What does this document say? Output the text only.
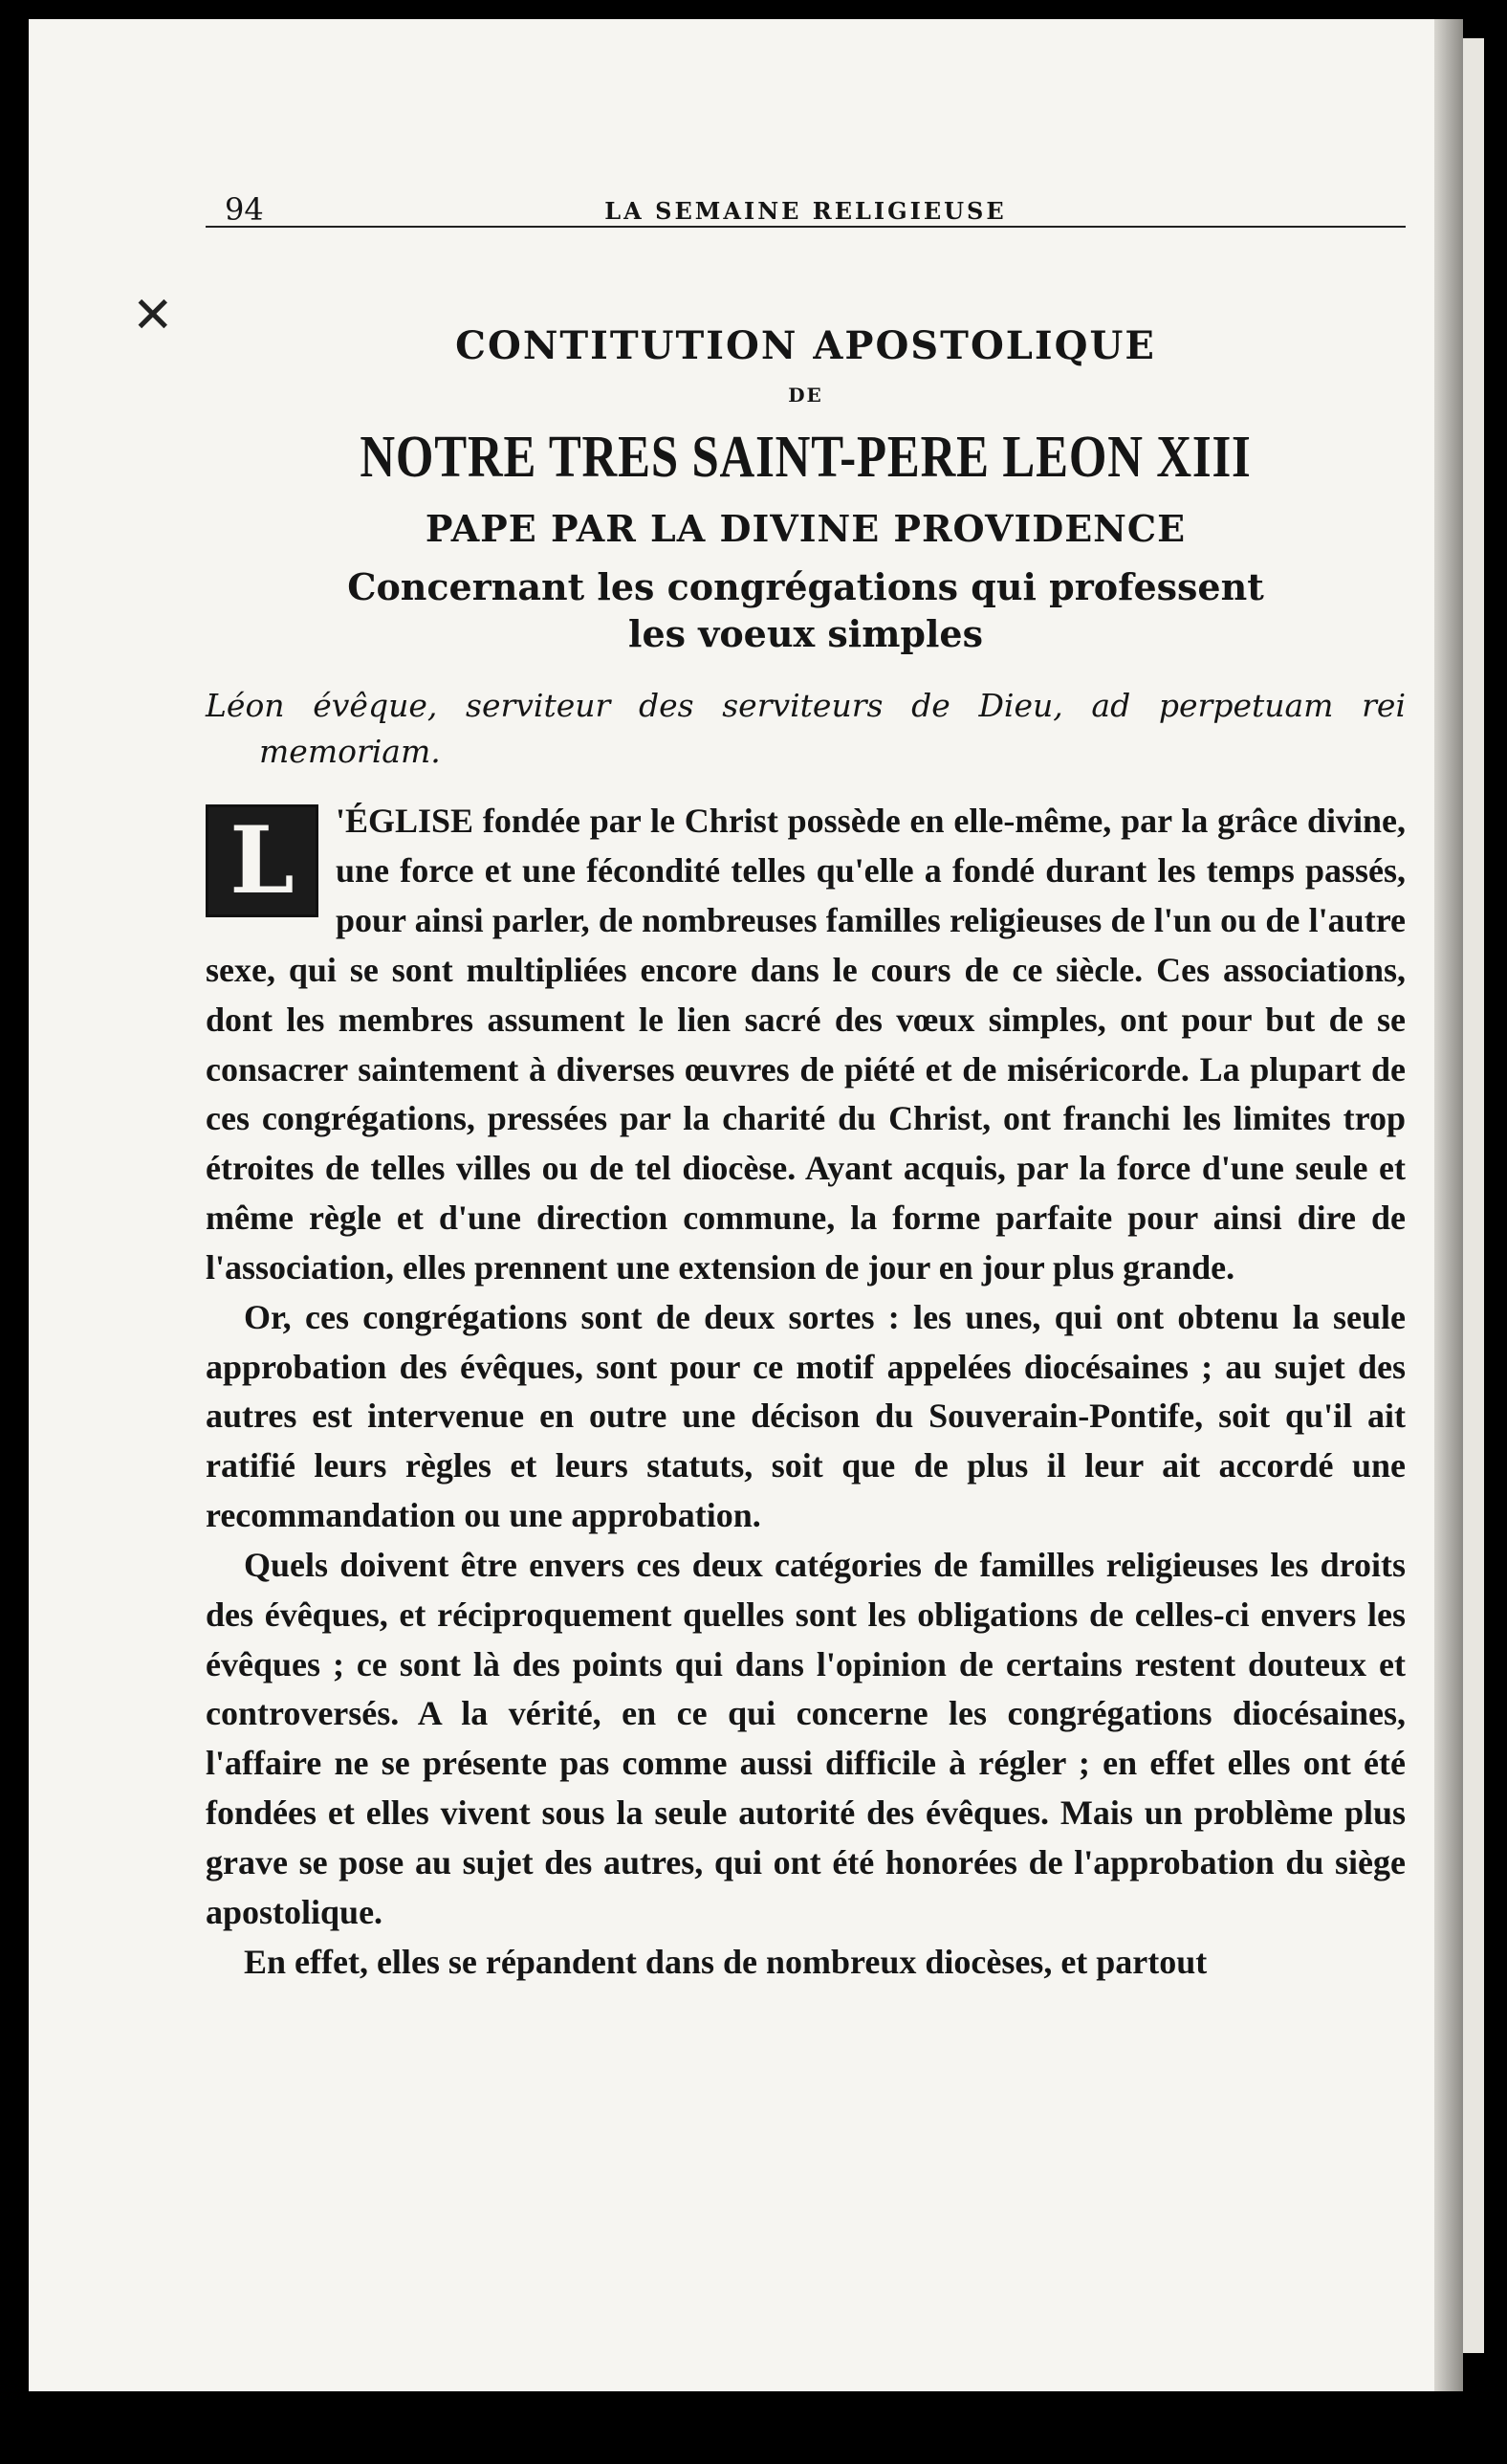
✕
94	LA SEMAINE RELIGIEUSE

CONTITUTION APOSTOLIQUE

DE

NOTRE TRES SAINT-PERE LEON XIII

PAPE PAR LA DIVINE PROVIDENCE

Concernant les congrégations qui professent
les voeux simples

Léon évêque, serviteur des serviteurs de Dieu, ad perpetuam rei memoriam.

L	'ÉGLISE fondée par le Christ possède en elle-même, par la grâce divine, une force et une fécondité telles qu'elle a fondé durant les temps passés, pour ainsi parler, de nombreuses familles religieuses de l'un ou de l'autre sexe, qui se sont multipliées encore dans le cours de ce siècle. Ces associations, dont les membres assument le lien sacré des vœux simples, ont pour but de se consacrer saintement à diverses œuvres de piété et de miséricorde. La plupart de ces congrégations, pressées par la charité du Christ, ont franchi les limites trop étroites de telles villes ou de tel diocèse. Ayant acquis, par la force d'une seule et même règle et d'une direction commune, la forme parfaite pour ainsi dire de l'association, elles prennent une extension de jour en jour plus grande.

Or, ces congrégations sont de deux sortes : les unes, qui ont obtenu la seule approbation des évêques, sont pour ce motif appelées diocésaines ; au sujet des autres est intervenue en outre une décison du Souverain-Pontife, soit qu'il ait ratifié leurs règles et leurs statuts, soit que de plus il leur ait accordé une recommandation ou une approbation.

Quels doivent être envers ces deux catégories de familles religieuses les droits des évêques, et réciproquement quelles sont les obligations de celles-ci envers les évêques ; ce sont là des points qui dans l'opinion de certains restent douteux et controversés. A la vérité, en ce qui concerne les congrégations diocésaines, l'affaire ne se présente pas comme aussi difficile à régler ; en effet elles ont été fondées et elles vivent sous la seule autorité des évêques. Mais un problème plus grave se pose au sujet des autres, qui ont été honorées de l'approbation du siège apostolique.

En effet, elles se répandent dans de nombreux diocèses, et partout
